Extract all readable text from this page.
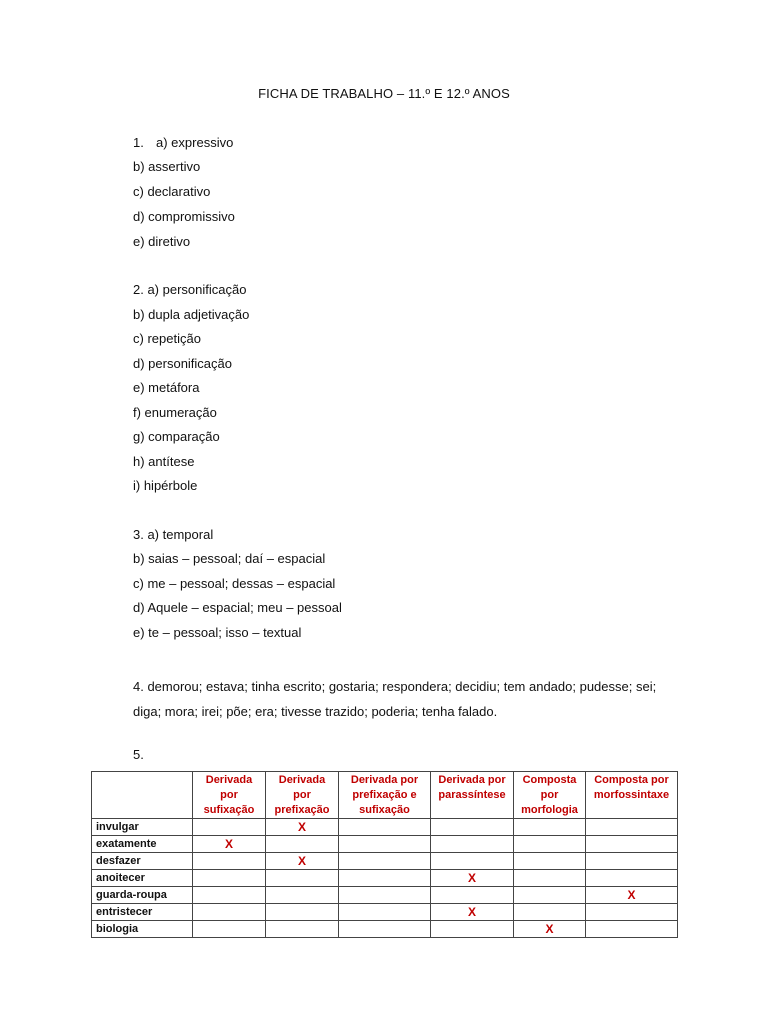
FICHA DE TRABALHO – 11.º E 12.º ANOS
1. a) expressivo
b) assertivo
c) declarativo
d) compromissivo
e) diretivo
2. a) personificação
b) dupla adjetivação
c) repetição
d) personificação
e) metáfora
f) enumeração
g) comparação
h) antítese
i) hipérbole
3. a) temporal
b) saias – pessoal; daí – espacial
c) me – pessoal; dessas – espacial
d) Aquele – espacial; meu – pessoal
e) te – pessoal; isso – textual
4. demorou; estava; tinha escrito; gostaria; respondera; decidiu; tem andado; pudesse; sei; diga; mora; irei; põe; era; tivesse trazido; poderia; tenha falado.
5.
	Derivada por sufixação	Derivada por prefixação	Derivada por prefixação e sufixação	Derivada por parassíntese	Composta por morfologia	Composta por morfossintaxe
invulgar		X				
exatamente	X					
desfazer		X				
anoitecer				X		
guarda-roupa						X
entristecer				X		
biologia					X	
